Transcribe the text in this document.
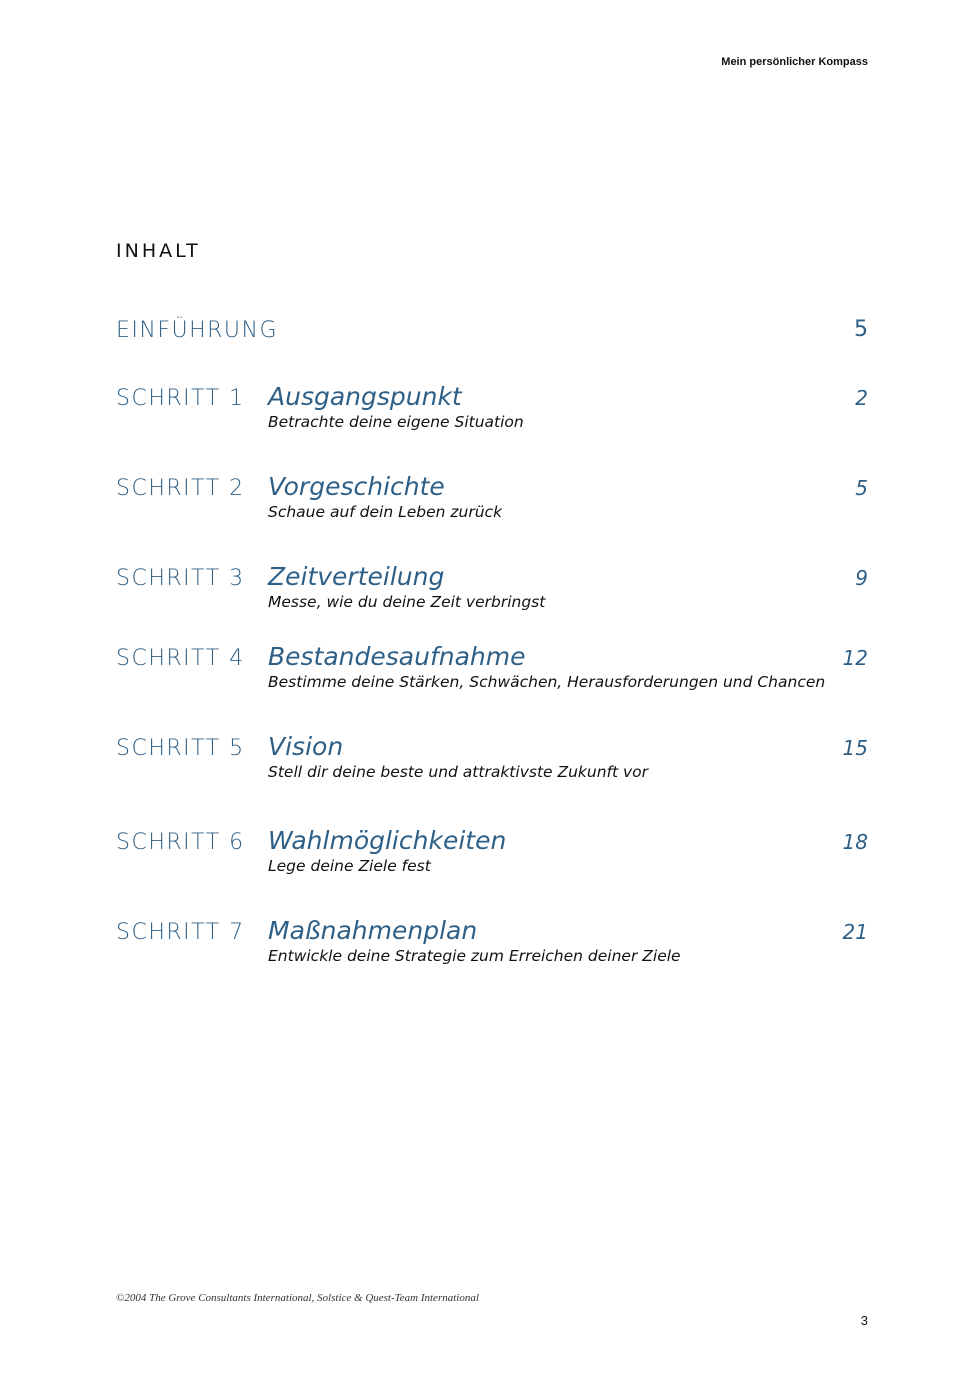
Mein persönlicher Kompass
INHALT
EINFÜHRUNG	5
SCHRITT 1 Ausgangspunkt
Betrachte deine eigene Situation
2
SCHRITT 2 Vorgeschichte
Schaue auf dein Leben zurück
5
SCHRITT 3 Zeitverteilung
Messe, wie du deine Zeit verbringst
9
SCHRITT 4 Bestandesaufnahme
Bestimme deine Stärken, Schwächen, Herausforderungen und Chancen
12
SCHRITT 5 Vision
Stell dir deine beste und attraktivste Zukunft vor
15
SCHRITT 6 Wahlmöglichkeiten
Lege deine Ziele fest
18
SCHRITT 7 Maßnahmenplan
Entwickle deine Strategie zum Erreichen deiner Ziele
21
©2004 The Grove Consultants International, Solstice & Quest-Team International
3
